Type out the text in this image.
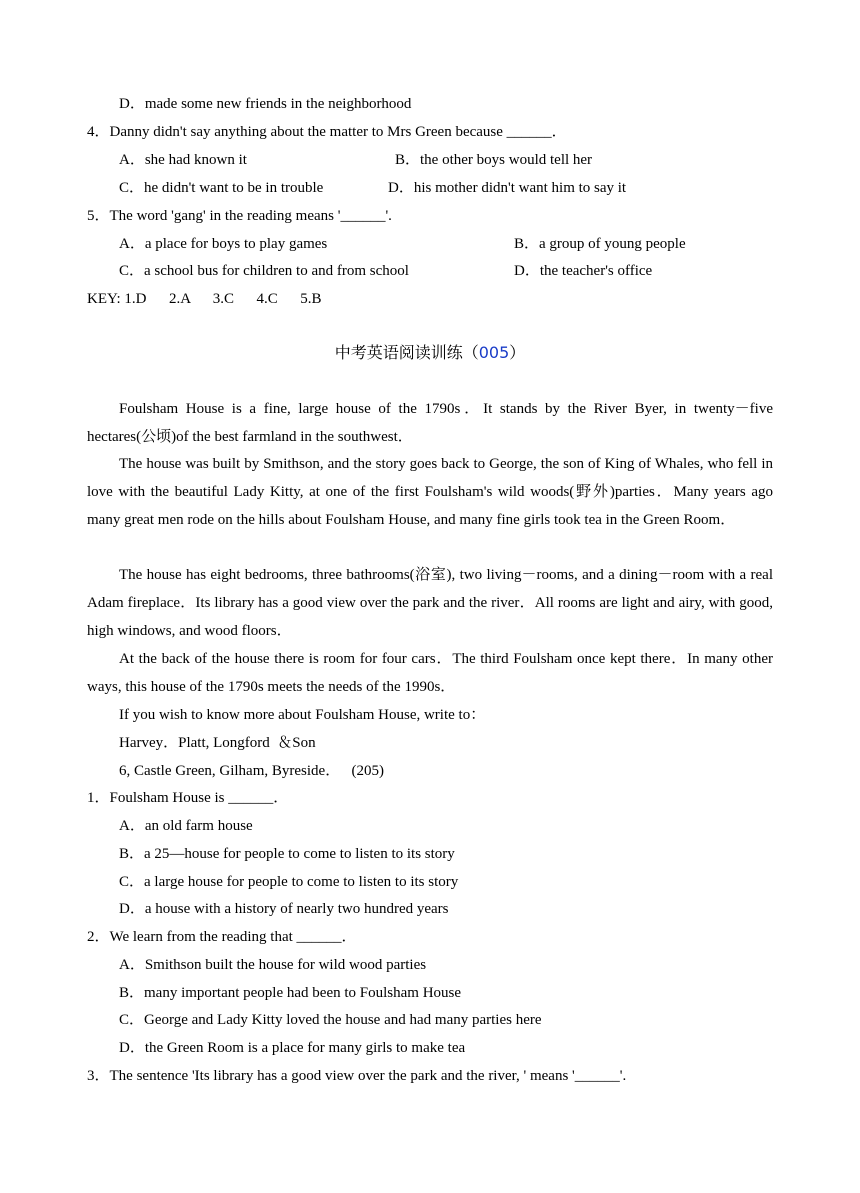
D．made some new friends in the neighborhood
4．Danny didn't say anything about the matter to Mrs Green because ______．
A．she had known it	B．the other boys would tell her
C．he didn't want to be in trouble	D．his mother didn't want him to say it
5．The word 'gang' in the reading means '______'.
A．a place for boys to play games	B．a group of young people
C．a school bus for children to and from school	D．the teacher's office
KEY: 1.D      2.A      3.C      4.C      5.B
中考英语阅读训练（005）
Foulsham House is a fine, large house of the 1790s．It stands by the River Byer, in twenty－five hectares(公顷)of the best farmland in the southwest．
The house was built by Smithson, and the story goes back to George, the son of King of Whales, who fell in love with the beautiful Lady Kitty, at one of the first Foulsham's wild woods(野外)parties．Many years ago many great men rode on the hills about Foulsham House, and many fine girls took tea in the Green Room．
The house has eight bedrooms, three bathrooms(浴室), two living－rooms, and a dining－room with a real Adam fireplace．Its library has a good view over the park and the river．All rooms are light and airy, with good, high windows, and wood floors．
At the back of the house there is room for four cars．The third Foulsham once kept there．In many other ways, this house of the 1790s meets the needs of the 1990s．
If you wish to know more about Foulsham House, write to：
Harvey．Platt, Longford  ＆Son
6, Castle Green, Gilham, Byreside．   (205)
1．Foulsham House is ______．
A．an old farm house
B．a 25—house for people to come to listen to its story
C．a large house for people to come to listen to its story
D．a house with a history of nearly two hundred years
2．We learn from the reading that ______．
A．Smithson built the house for wild wood parties
B．many important people had been to Foulsham House
C．George and Lady Kitty loved the house and had many parties here
D．the Green Room is a place for many girls to make tea
3．The sentence 'Its library has a good view over the park and the river, ' means '______'.
